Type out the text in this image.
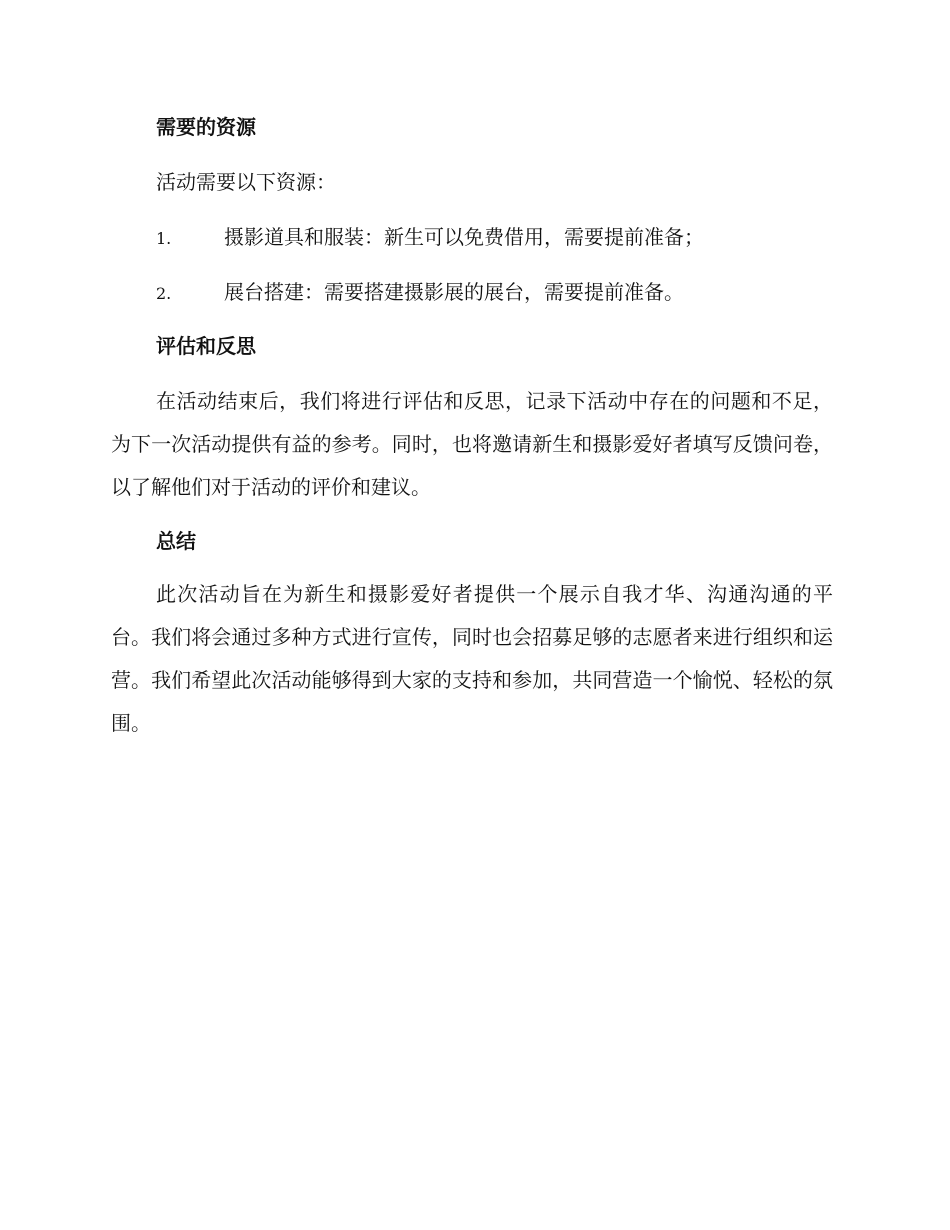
需要的资源
活动需要以下资源：
1.	摄影道具和服装：新生可以免费借用，需要提前准备；
2.	展台搭建：需要搭建摄影展的展台，需要提前准备。
评估和反思
在活动结束后，我们将进行评估和反思，记录下活动中存在的问题和不足，为下一次活动提供有益的参考。同时，也将邀请新生和摄影爱好者填写反馈问卷，以了解他们对于活动的评价和建议。
总结
此次活动旨在为新生和摄影爱好者提供一个展示自我才华、沟通沟通的平台。我们将会通过多种方式进行宣传，同时也会招募足够的志愿者来进行组织和运营。我们希望此次活动能够得到大家的支持和参加，共同营造一个愉悦、轻松的氛围。
